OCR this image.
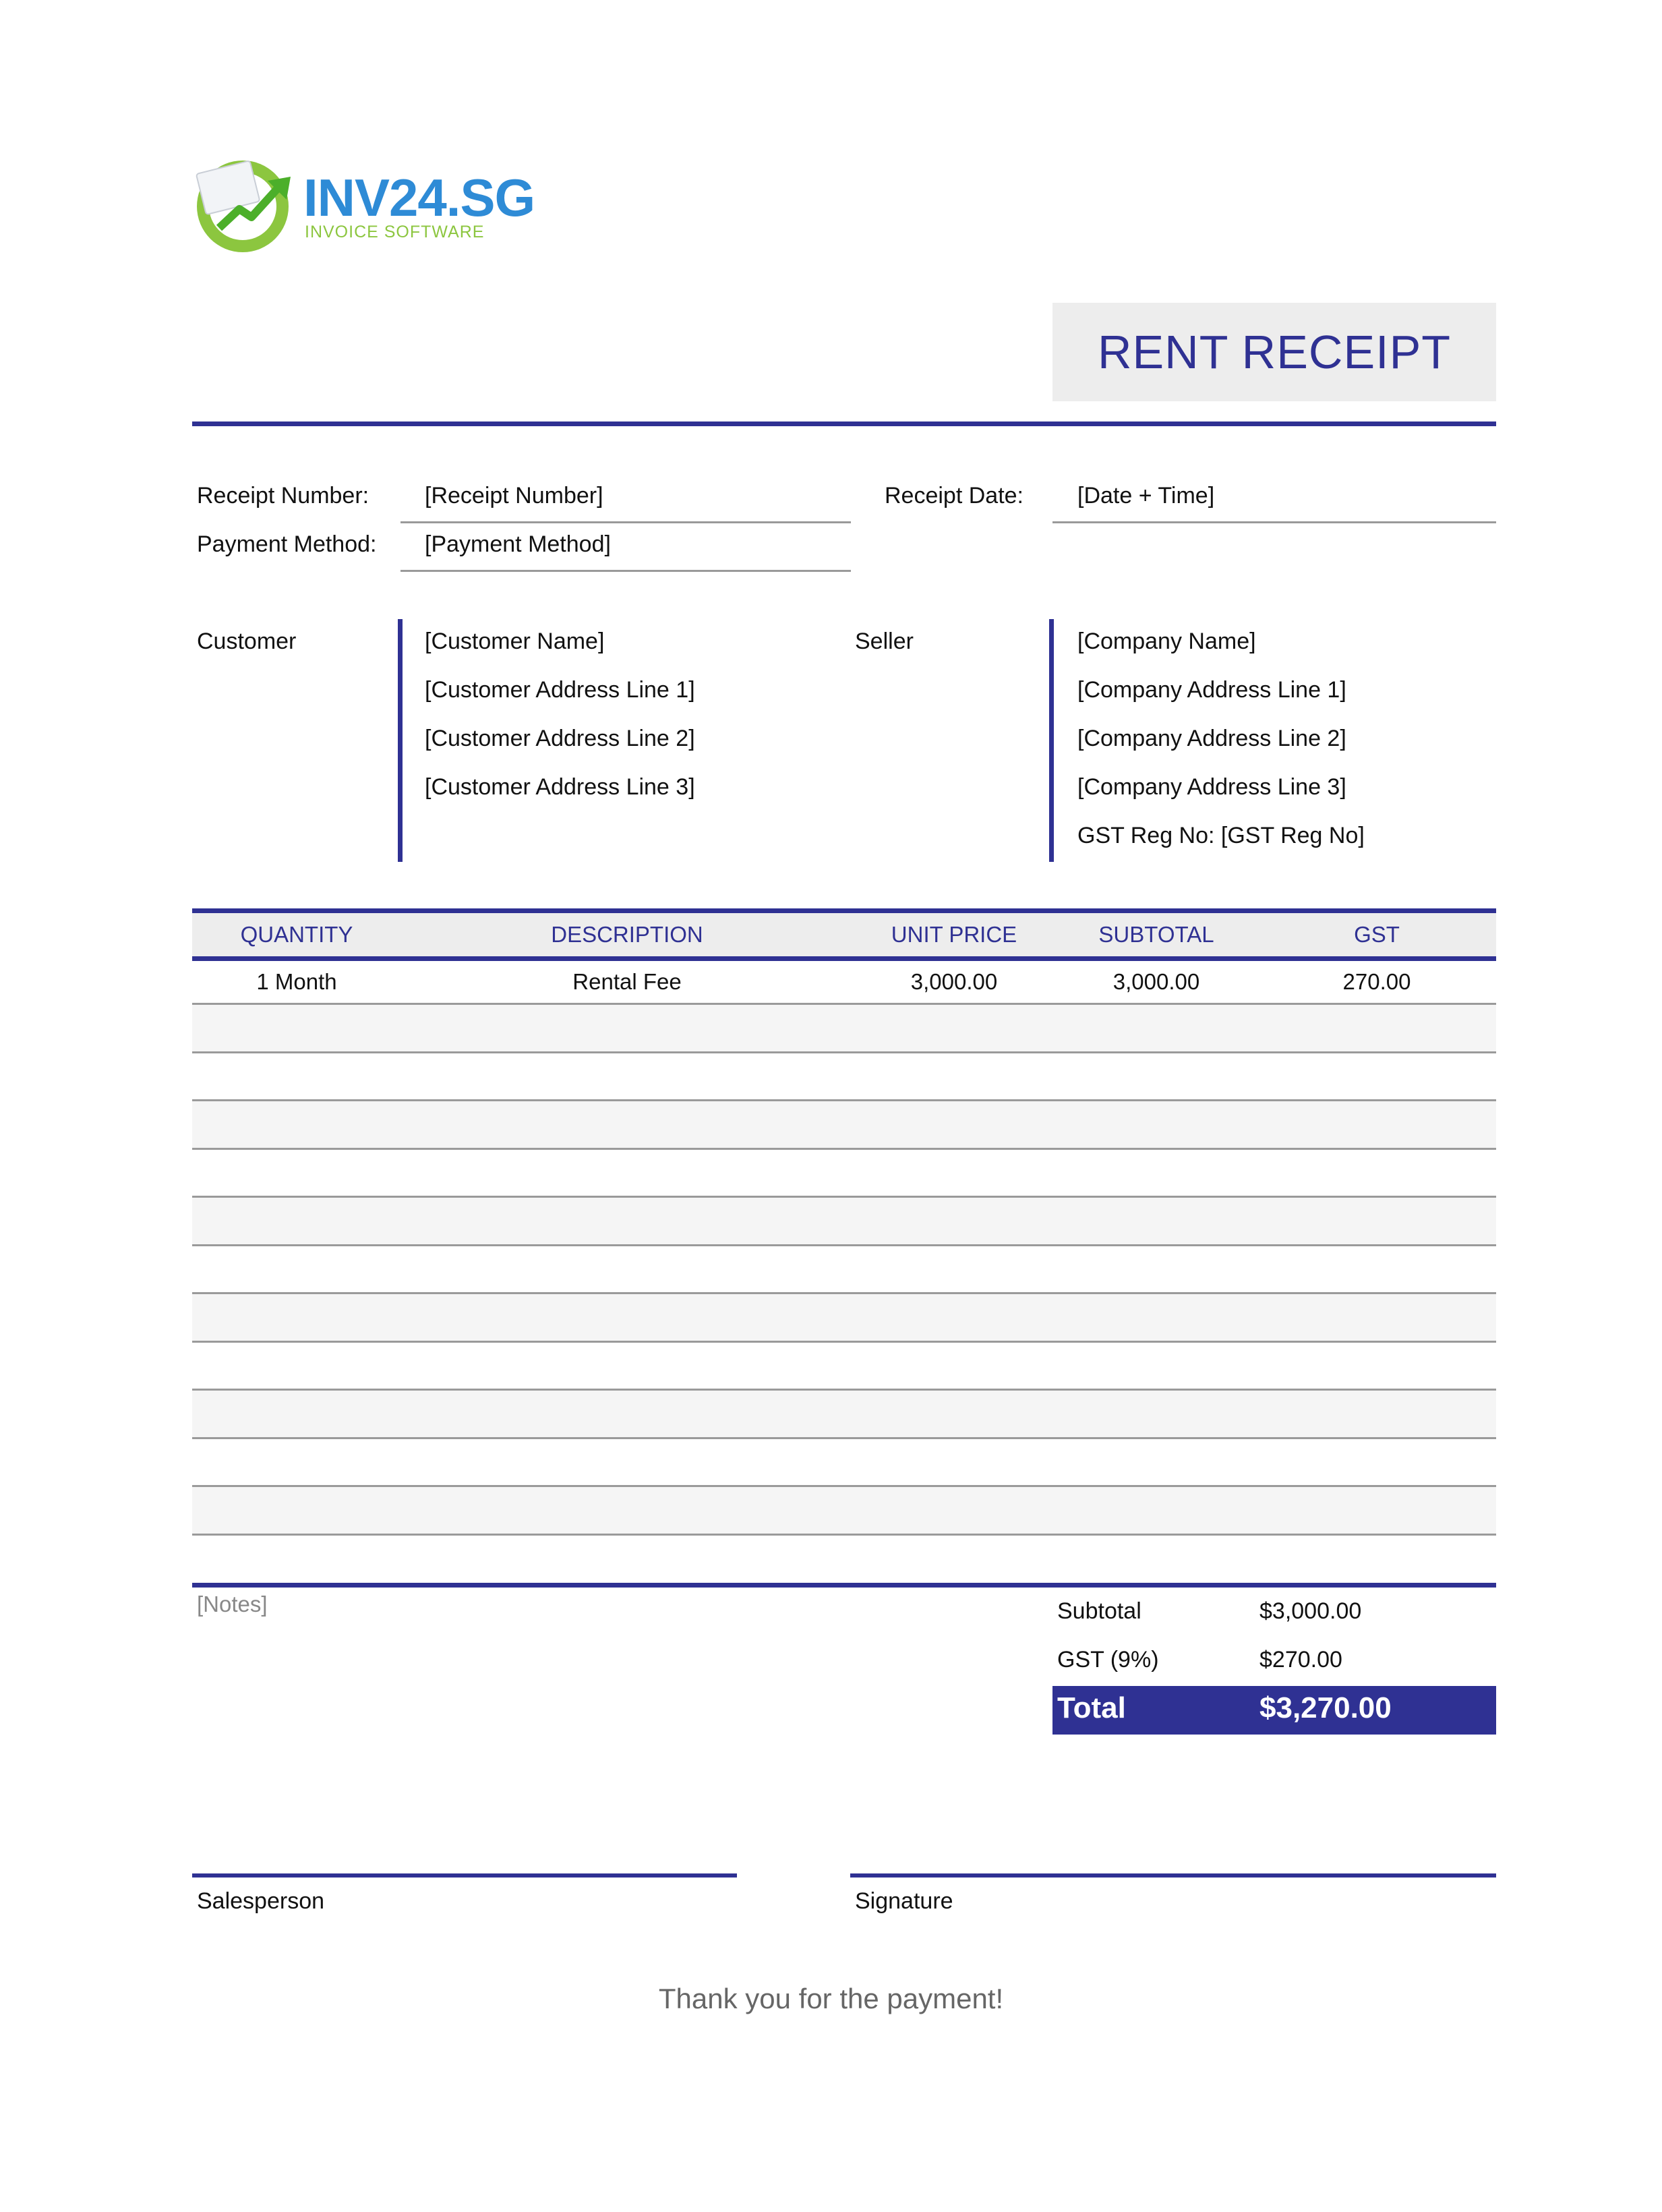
INV24.SG
INVOICE SOFTWARE
RENT RECEIPT
Receipt Number: [Receipt Number]	Receipt Date: [Date + Time]
Payment Method: [Payment Method]
Customer	[Customer Name]
[Customer Address Line 1]
[Customer Address Line 2]
[Customer Address Line 3]
Seller	[Company Name]
[Company Address Line 1]
[Company Address Line 2]
[Company Address Line 3]
GST Reg No: [GST Reg No]
QUANTITY	DESCRIPTION	UNIT PRICE	SUBTOTAL	GST
1 Month	Rental Fee	3,000.00	3,000.00	270.00
[Notes]	Subtotal	$3,000.00
GST (9%)	$270.00
Total	$3,270.00
Salesperson	Signature
Thank you for the payment!
